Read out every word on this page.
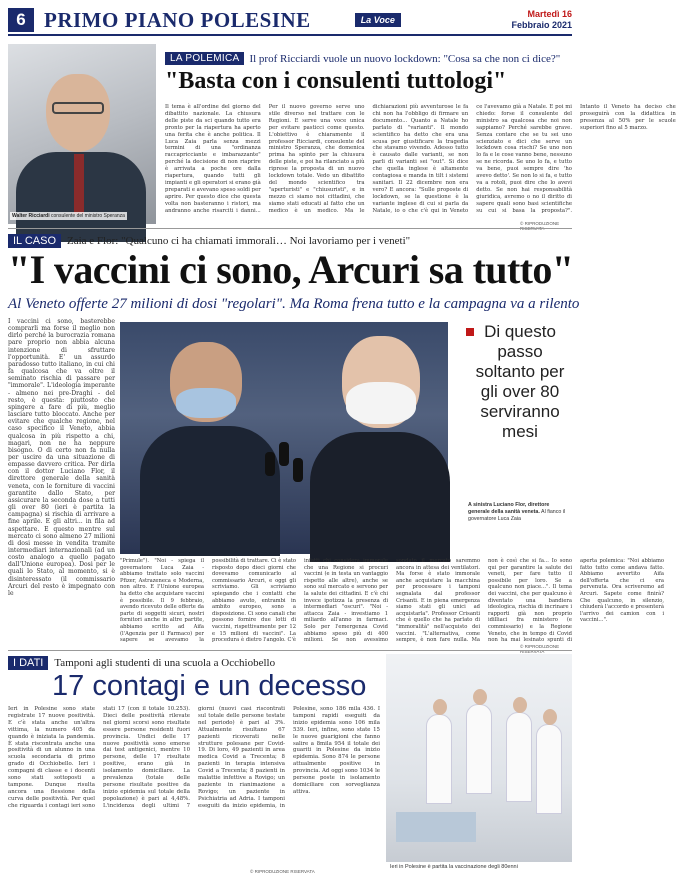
6 PRIMO PIANO POLESINE	La Voce
Martedì 16
Febbraio 2021
Walter Ricciardi consulente del ministro Speranza
LA POLEMICA Il prof Ricciardi vuole un nuovo lockdown: "Cosa sa che non ci dice?"
"Basta con i consulenti tuttologi"
Il tema è all'ordine del giorno del dibattito nazionale. La chiusura delle piste da sci quando tutto era pronto per la riapertura ha aperto una ferita che è anche politica. Il Luca Zaia parla senza mezzi termini di una "ordinanza raccapricciante e imbarazzante" perché la decisione di non riaprire è arrivata a poche ore dalla riapertura, quando tutti gli impianti e gli operatori si erano già preparati e avevano speso soldi per aprire. Per questo dice che questa volta non basteranno i ristori, ma andranno anche risarciti i danni... Per il nuovo governo serve uno stile diverso nel trattare con le Regioni. E serve una voce unica per evitare pasticci come questo. L'obiettivo è chiaramente il professor Ricciardi, consulente del ministro Speranza, che domenica prima ha spinto per la chiusura delle piste, e poi ha rilanciato a più riprese la proposta di un nuovo lockdown totale. Vedo un dibattito del mondo scientifico tra "aperturisti" e "chiusuristi", e in mezzo ci siamo noi cittadini, che siamo stati educati al fatto che un medico è un medico. Ma le dichiarazioni più avventurose le fa chi non ha l'obbligo di firmare un documento... Quanto a Natale ho parlato di "varianti". Il mondo scientifico ha detto che era una scusa per giustificare la tragedia che stavamo vivendo. Adesso tutto è causato dalle varianti, se non parli di varianti sei "out". Si dice che quella inglese è altamente contagiosa e manda in tilt i sistemi sanitari. Il 22 dicembre non era vero? E ancora: "Sulle proposte di lockdown, se la questione è la variante inglese di cui si parla da Natale, io o che c'è qui in Veneto ce l'avevamo già a Natale. E poi mi chiedo: forse il consulente del ministro sa qualcosa che noi non sappiamo? Perché sarebbe grave. Senza contare che se tu sei uno scienziato e dici che serve un lockdown cosa rischi? Se uno non lo fa e le cose vanno bene, nessuno se ne ricorda. Se uno lo fa, e tutto va bene, puoi sempre dire 'ho avevo detto'. Se non lo si fa, e tutto va a rotoli, puoi dire che lo avevi detto. Se non hai responsabilità giuridica, avremo o no il diritto di sapere quali sono basi scientifiche su cui si basa la proposta?". Intanto il Veneto ha deciso che proseguirà con la didattica in presenza al 50% per le scuole superiori fino al 5 marzo.
© RIPRODUZIONE RISERVATA
IL CASO	Zaia e Flor: "Qualcuno ci ha chiamati immorali… Noi lavoriamo per i veneti"
"I vaccini ci sono, Arcuri sa tutto"
Al Veneto offerte 27 milioni di dosi "regolari". Ma Roma frena tutto e la campagna va a rilento
I vaccini ci sono, basterebbe comprarli ma forse il meglio non dirlo perché la burocrazia romana pare proprio non abbia alcuna intenzione di sfruttare l'opportunità. E' un assurdo paradosso tutto italiano, in cui chi fa qualcosa che va oltre il seminato rischia di passare per "immorale". L'ideologia imperante - almeno nei pre-Draghi - del resto, è questa: piuttosto che spingere a fare di più, meglio lasciare tutto bloccato. Anche per evitare che qualche regione, nel caso specifico il Veneto, abbia qualcosa in più rispetto a chi, magari, non ne ha neppure bisogno. O di certo non fa nulla per uscire da una situazione di empasse davvero critica. Per dirla con il dottor Luciano Flor, il direttore generale della sanità veneta, con le forniture di vaccini garantite dallo Stato, per assicurare la seconda dose a tutti gli over 80 (ieri è partita la campagna) si rischia di arrivare a fine aprile. E gli altri... in fila ad aspettare. E questo mentre sul mercato ci sono almeno 27 milioni di dosi messe in vendita tramite intermediari internazionali (ad un costo analogo a quello pagato dall'Unione europea). Dosi per le quali lo Stato, al momento, si è disinteressato (il commissario Arcuri del resto è impegnato con le
Di questo passo soltanto per gli over 80 serviranno mesi
A sinistra Luciano Flor, direttore generale della sanità veneta. Al fianco il governatore Luca Zaia
"Primule"). "Noi - spiega il governatore Luca Zaia - abbiamo trattato solo vaccini Pfizer, Astrazeneca e Moderna, non altro. E l'Unione europea ha detto che acquistare vaccini è possibile. Il 9 febbraio, avendo ricevuto delle offerte da parte di soggetti sicuri, nostri fornitori anche in altre partite, abbiamo scritto ad Aifa (l'Agenzia per il Farmaco) per sapere se avevamo la possibilità di trattare. Ci è stato risposto dopo dieci giorni che dovevamo comunicarlo al commissario Arcuri, e oggi gli scriviamo. Gli scriviamo spiegando che i contatti che abbiamo avuto, entrambi in ambito europeo, sono a disposizione. Ci sono canali che possono fornire due lotti di vaccini, rispettivamente per 12 e 15 milioni di vaccini". La procedura è dietro l'angolo. C'è infatti chi considera immorale che una Regione si procuri vaccini (e in testa un vantaggio rispetto alle altre), anche se sono sul mercato e servono per la salute dei cittadini. E c'è chi invece ipotizza la presenza di intermediari "oscuri". "Noi - attacca Zaia - investiamo 1 miliardo all'anno in farmaci. Solo per l'emergenza Covid abbiamo speso più di 400 milioni. Se non avessimo sondato il mercato saremmo ancora in attesa dei ventilatori. Ma forse è stato immorale anche acquistare la macchina per processare i tamponi segnalata dal professor Crisanti. E in piena emergenza siamo stati gli unici ad acquistarla". Professor Crisanti che è quello che ha parlato di "immoralità" nell'acquisto dei vaccini. "L'alternativa, come sempre, è non fare nulla. Ma non è così che si fa... Io sono qui per garantire la salute dei veneti, per fare tutto il possibile per loro. Se a qualcuno non piace...". Il tema dei vaccini, che per qualcuno è diventato una bandiera ideologica, rischia di incrinare i rapporti già non proprio idilliaci fra ministero (e commissario) e la Regione Veneto, che in tempo di Covid non ha mai lesinato spunti di aperta polemica: "Noi abbiamo fatto tutto come andava fatto. Abbiamo avvertito Aifa dell'offerta che ci era pervenuta. Ora scriveremo ad Arcuri. Sapete come finirà? Che qualcuno, in silenzio, chiuderà l'accordo e presenterà l'arrivo dei camion con i vaccini...".
© RIPRODUZIONE RISERVATA
I DATI	Tamponi agli studenti di una scuola a Occhiobello
17 contagi e un decesso
Ieri in Polesine sono state registrate 17 nuove positività. E c'è stata anche un'altra vittima, la numero 405 da quando è iniziata la pandemia. È stata riscontrata anche una positività di un alunno in una scuola secondaria di primo grado di Occhiobello. Ieri i compagni di classe e i docenti sono stati sottoposti a tampone. Dunque risulta ancora una flessione della curva delle positività. Per quel che riguarda i contagi ieri sono stati 17 (con il totale 10.253). Dieci delle positività rilevate nel giorni scorsi sono risultate essere persone residenti fuori provincia. Undici delle 17 nuove positività sono emerse dai test antigenici, mentre 10 persone, delle 17 risultate positive, erano già in isolamento domiciliare. La prevalenza (totale delle persone risultate positive da inizio epidemia sul totale della popolazione) è pari al 4,48%. L'incidenza degli ultimi 7 giorni (nuovi casi riscontrati sul totale delle persone testate nel periodo) è pari al 3%. Attualmente risultano 67 pazienti ricoverati nelle strutture polesane per Covid-19. Di loro, 49 pazienti in area medica Covid a Trecenta; 8 pazienti in terapia intensiva Covid a Trecenta; 8 pazienti in malattie infettive a Rovigo; un paziente in rianimazione a Rovigo; un paziente in Psichiatria ad Adria. I tamponi eseguiti da inizio epidemia, in Polesine, sono 186 mila 436. I tamponi rapidi eseguiti da inizio epidemia sono 106 mila 539. Ieri, infine, sono state 15 le nuove guarigioni che fanno salire a 8mila 954 il totale dei guariti in Polesine da inizio epidemia. Sono 874 le persone attualmente positive in provincia. Ad oggi sono 1034 le persone poste in isolamento domiciliare con sorveglianza attiva.
© RIPRODUZIONE RISERVATA
Ieri in Polesine è partita la vaccinazione degli 80enni
